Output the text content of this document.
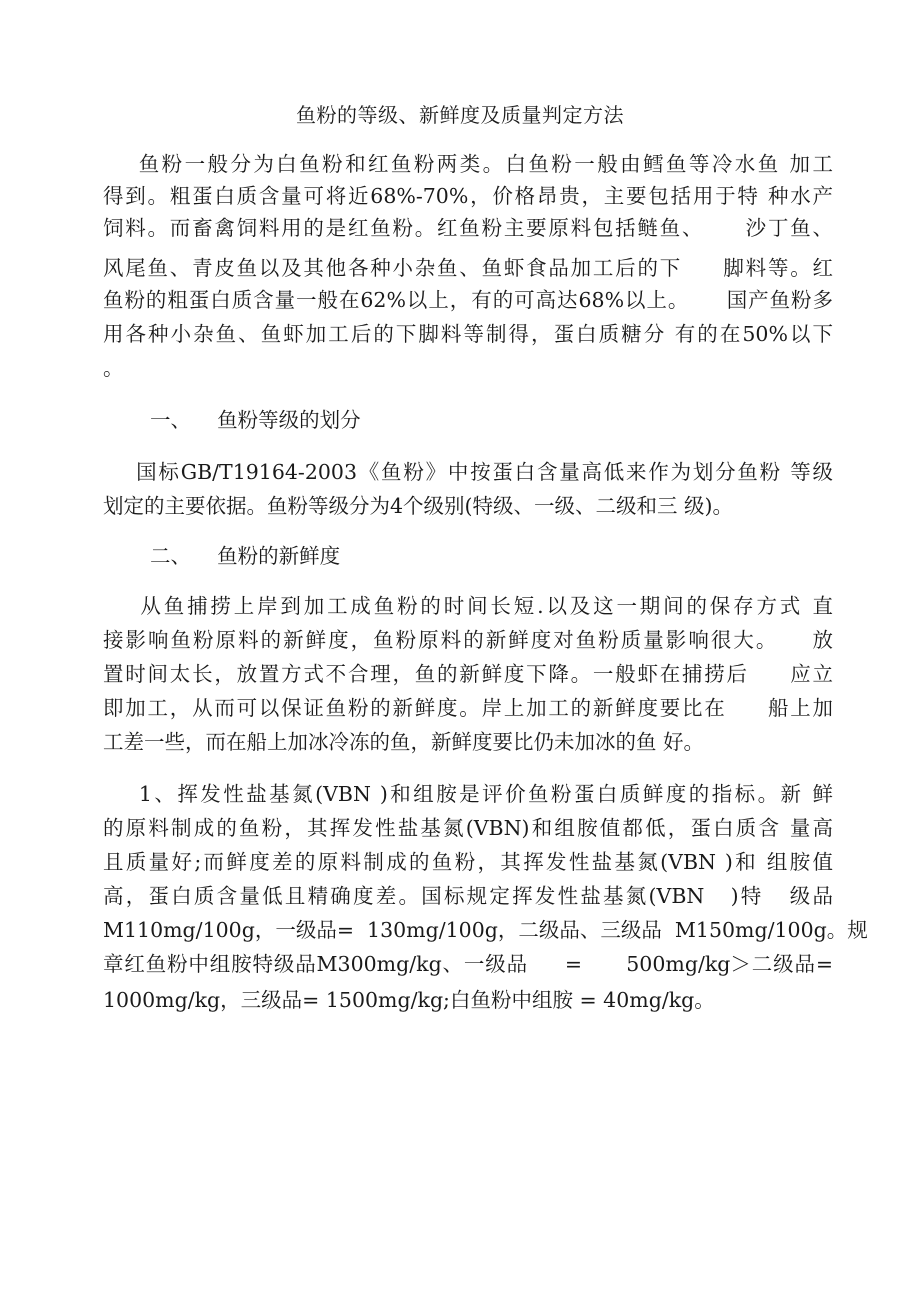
鱼粉的等级、新鲜度及质量判定方法
鱼粉一般分为白鱼粉和红鱼粉两类。白鱼粉一般由鳕鱼等冷水鱼 加工
得到。粗蛋白质含量可将近68%-70%，价格昂贵，主要包括用于特 种水产
饲料。而畜禽饲料用的是红鱼粉。红鱼粉主要原料包括鲢鱼、     沙丁鱼、
风尾鱼、青皮鱼以及其他各种小杂鱼、鱼虾食品加工后的下     脚料等。红
鱼粉的粗蛋白质含量一般在62%以上，有的可高达68%以上。     国产鱼粉多
用各种小杂鱼、鱼虾加工后的下脚料等制得，蛋白质糖分 有的在50%以下
。
一、    鱼粉等级的划分
国标GB/T19164-2003《鱼粉》中按蛋白含量高低来作为划分鱼粉 等级
划定的主要依据。鱼粉等级分为4个级别(特级、一级、二级和三 级)。
二、    鱼粉的新鲜度
从鱼捕捞上岸到加工成鱼粉的时间长短.以及这一期间的保存方式 直
接影响鱼粉原料的新鲜度，鱼粉原料的新鲜度对鱼粉质量影响很大。    放
置时间太长，放置方式不合理，鱼的新鲜度下降。一般虾在捕捞后     应立
即加工，从而可以保证鱼粉的新鲜度。岸上加工的新鲜度要比在     船上加
工差一些，而在船上加冰冷冻的鱼，新鲜度要比仍未加冰的鱼 好。
1、挥发性盐基氮(VBN )和组胺是评价鱼粉蛋白质鲜度的指标。新 鲜
的原料制成的鱼粉，其挥发性盐基氮(VBN)和组胺值都低，蛋白质含 量高
且质量好;而鲜度差的原料制成的鱼粉，其挥发性盐基氮(VBN )和 组胺值
高，蛋白质含量低且精确度差。国标规定挥发性盐基氮(VBN   )特   级品
M110mg/100g，一级品=  130mg/100g，二级品、三级品  M150mg/100g。规
章红鱼粉中组胺特级品M300mg/kg、一级品     =      500mg/kg＞二级品=
1000mg/kg，三级品= 1500mg/kg;白鱼粉中组胺 = 40mg/kg。
